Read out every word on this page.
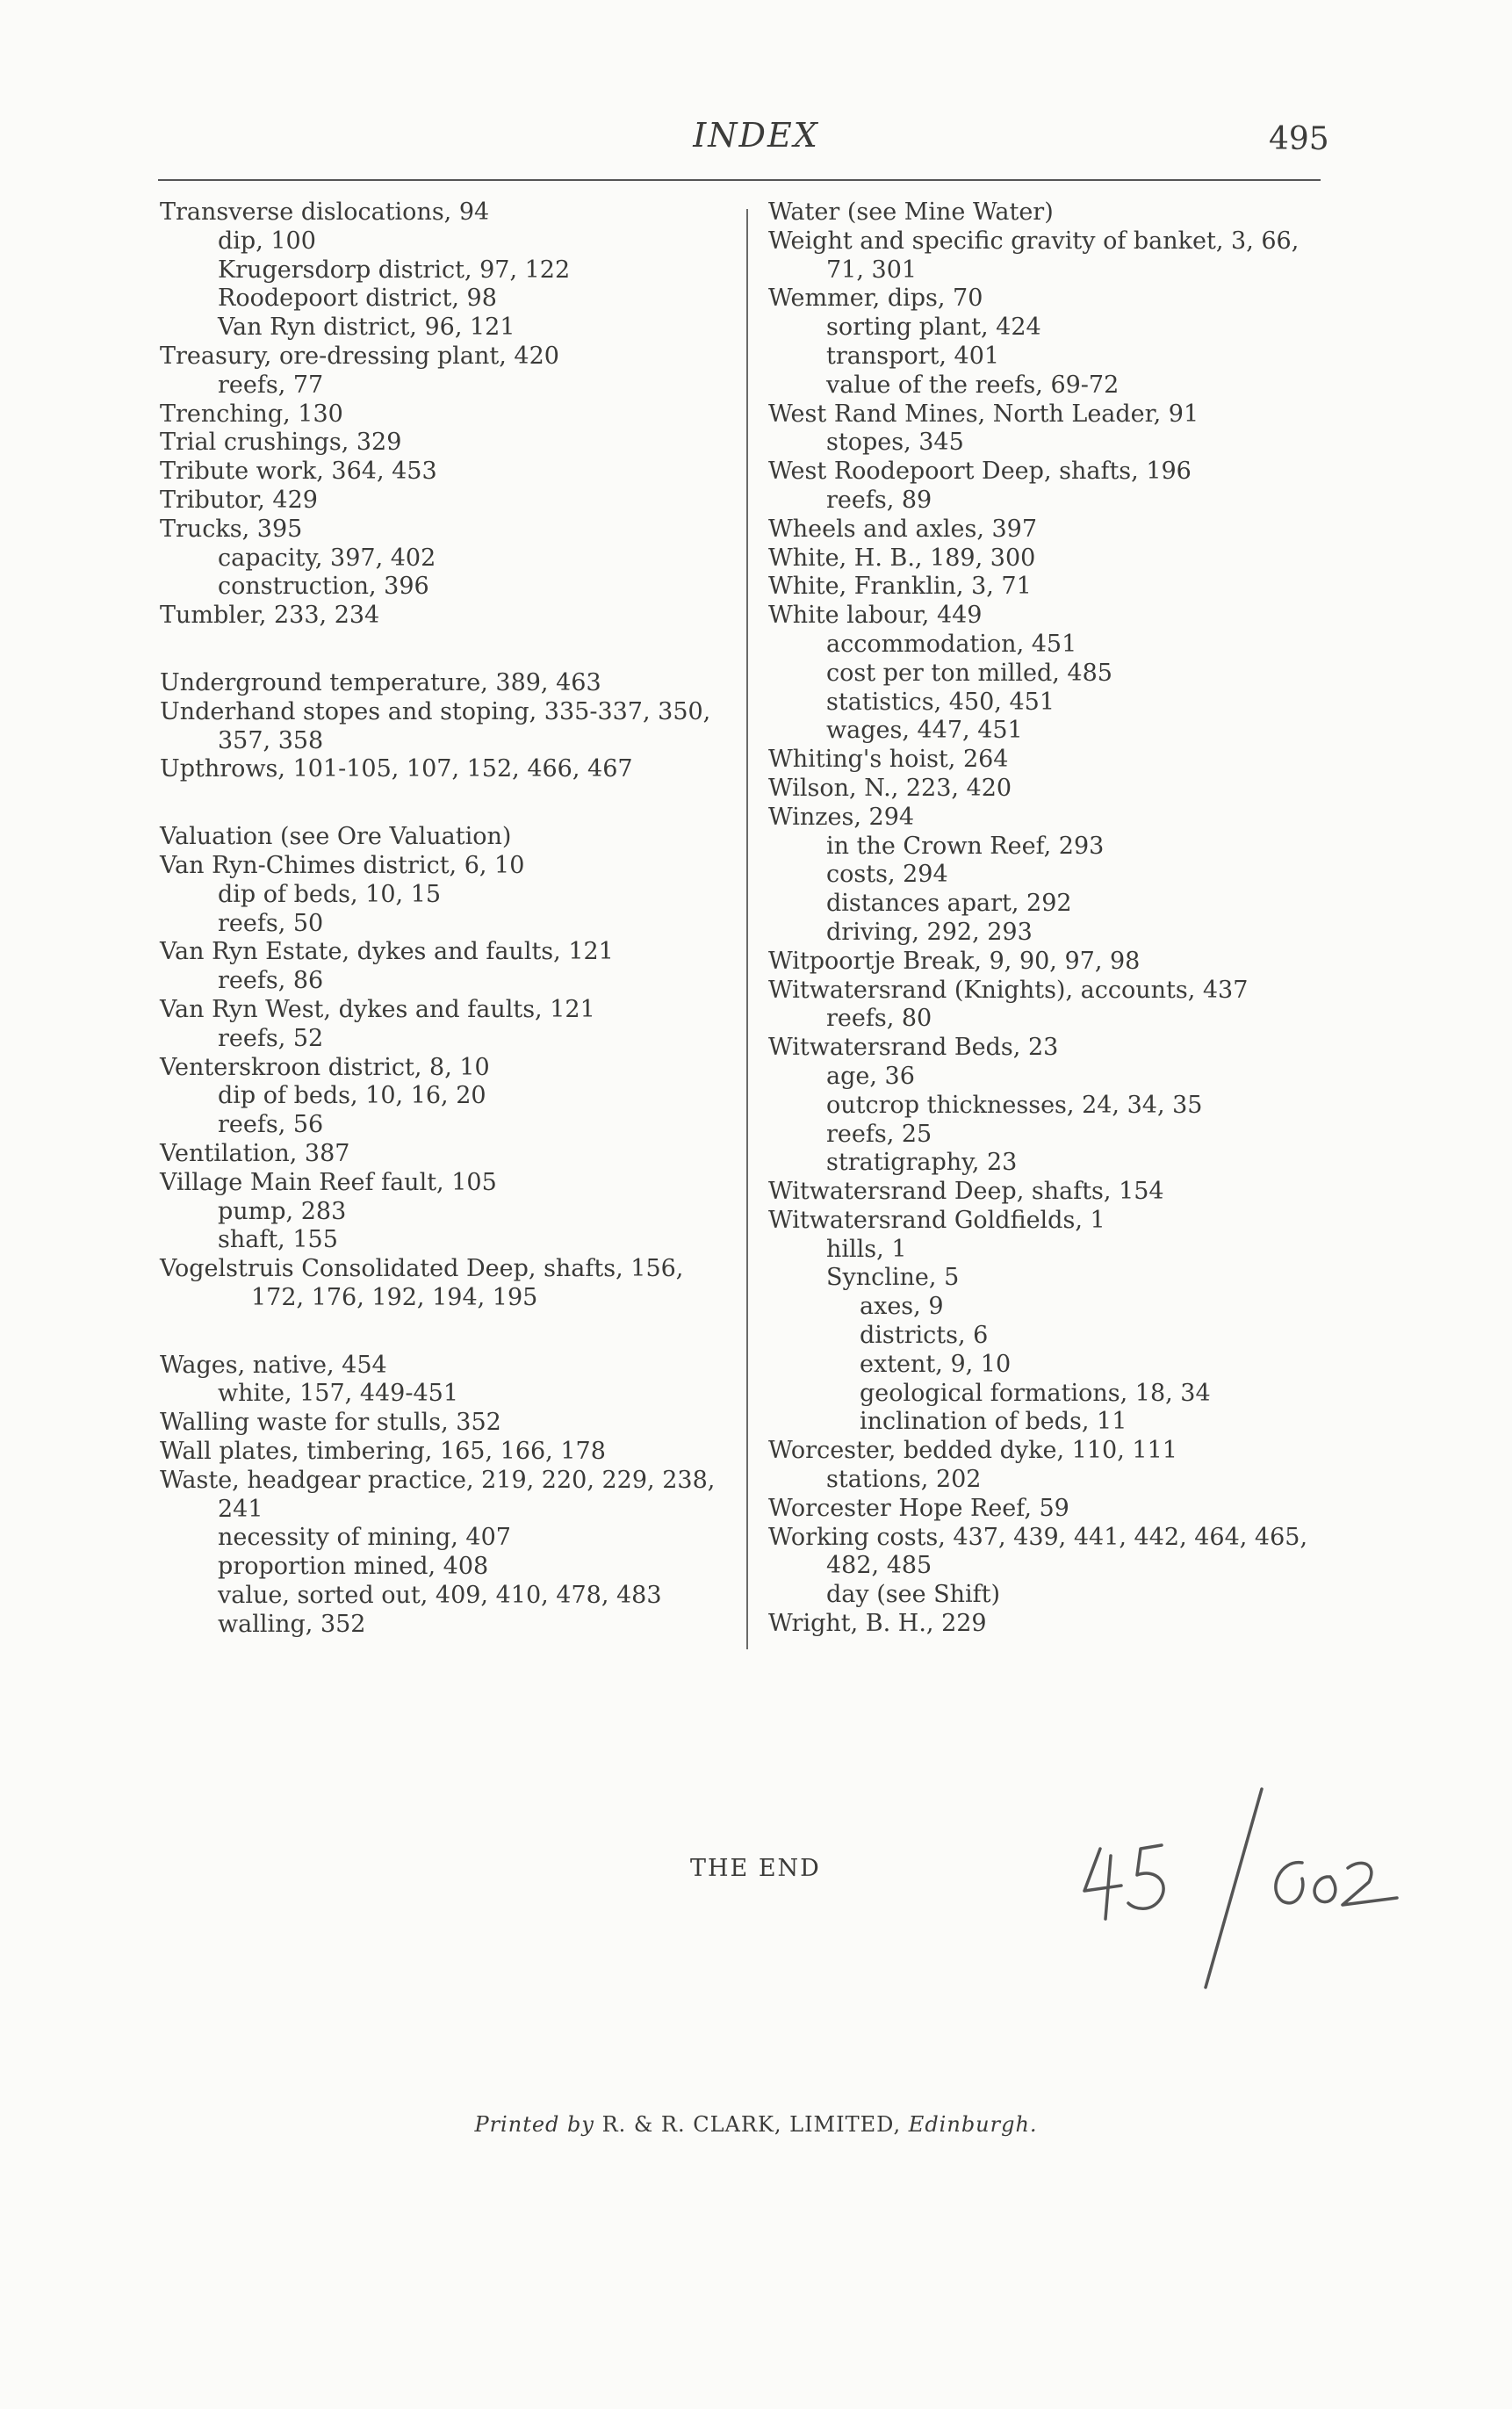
INDEX	495
Transverse dislocations, 94
dip, 100
Krugersdorp district, 97, 122
Roodepoort district, 98
Van Ryn district, 96, 121
Treasury, ore-dressing plant, 420
reefs, 77
Trenching, 130
Trial crushings, 329
Tribute work, 364, 453
Tributor, 429
Trucks, 395
capacity, 397, 402
construction, 396
Tumbler, 233, 234
Underground temperature, 389, 463
Underhand stopes and stoping, 335-337, 350,
357, 358
Upthrows, 101-105, 107, 152, 466, 467
Valuation (see Ore Valuation)
Van Ryn-Chimes district, 6, 10
dip of beds, 10, 15
reefs, 50
Van Ryn Estate, dykes and faults, 121
reefs, 86
Van Ryn West, dykes and faults, 121
reefs, 52
Venterskroon district, 8, 10
dip of beds, 10, 16, 20
reefs, 56
Ventilation, 387
Village Main Reef fault, 105
pump, 283
shaft, 155
Vogelstruis Consolidated Deep, shafts, 156,
172, 176, 192, 194, 195
Wages, native, 454
white, 157, 449-451
Walling waste for stulls, 352
Wall plates, timbering, 165, 166, 178
Waste, headgear practice, 219, 220, 229, 238,
241
necessity of mining, 407
proportion mined, 408
value, sorted out, 409, 410, 478, 483
walling, 352
Water (see Mine Water)
Weight and specific gravity of banket, 3, 66,
71, 301
Wemmer, dips, 70
sorting plant, 424
transport, 401
value of the reefs, 69-72
West Rand Mines, North Leader, 91
stopes, 345
West Roodepoort Deep, shafts, 196
reefs, 89
Wheels and axles, 397
White, H. B., 189, 300
White, Franklin, 3, 71
White labour, 449
accommodation, 451
cost per ton milled, 485
statistics, 450, 451
wages, 447, 451
Whiting's hoist, 264
Wilson, N., 223, 420
Winzes, 294
in the Crown Reef, 293
costs, 294
distances apart, 292
driving, 292, 293
Witpoortje Break, 9, 90, 97, 98
Witwatersrand (Knights), accounts, 437
reefs, 80
Witwatersrand Beds, 23
age, 36
outcrop thicknesses, 24, 34, 35
reefs, 25
stratigraphy, 23
Witwatersrand Deep, shafts, 154
Witwatersrand Goldfields, 1
hills, 1
Syncline, 5
axes, 9
districts, 6
extent, 9, 10
geological formations, 18, 34
inclination of beds, 11
Worcester, bedded dyke, 110, 111
stations, 202
Worcester Hope Reef, 59
Working costs, 437, 439, 441, 442, 464, 465,
482, 485
day (see Shift)
Wright, B. H., 229
THE END
Printed by R. & R. CLARK, LIMITED, Edinburgh.
